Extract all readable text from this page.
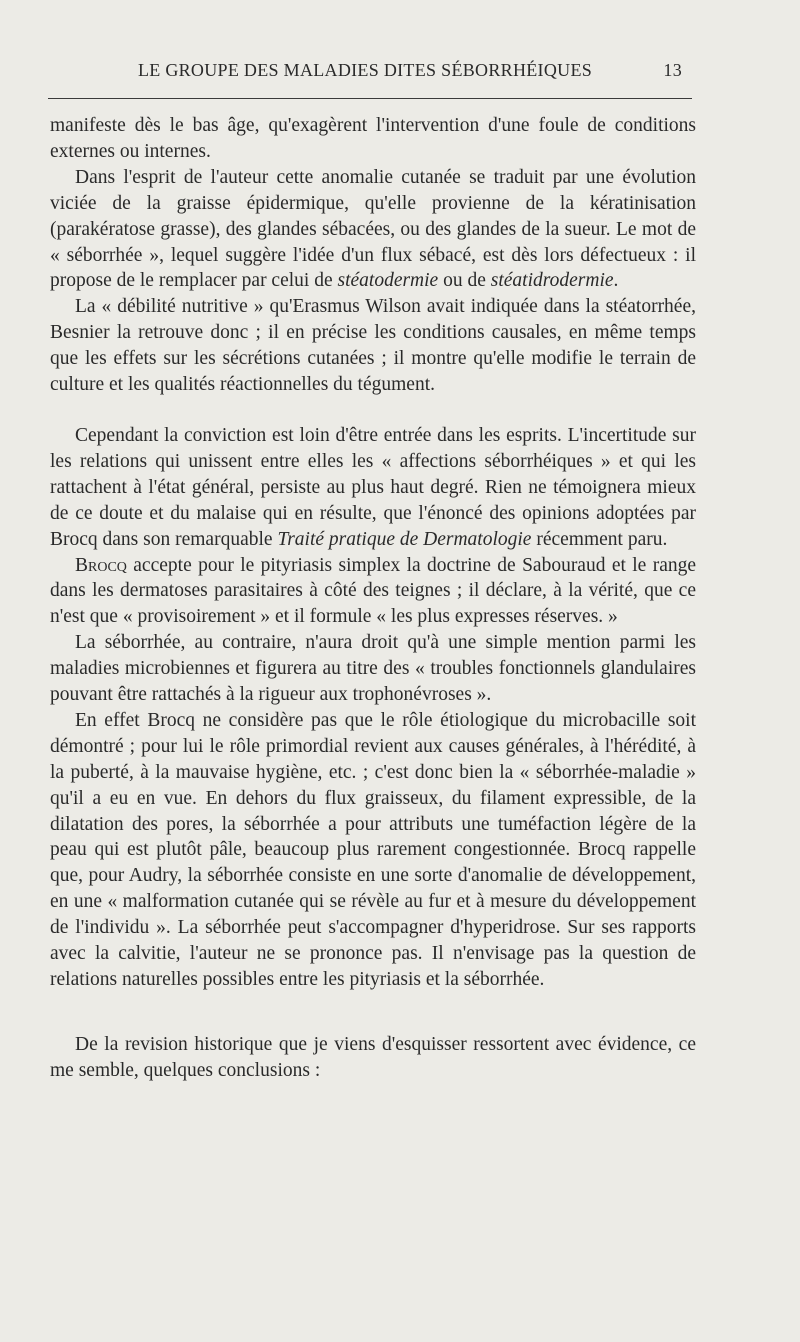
LE GROUPE DES MALADIES DITES SÉBORRHÉIQUES	13

manifeste dès le bas âge, qu'exagèrent l'intervention d'une foule de conditions externes ou internes.

Dans l'esprit de l'auteur cette anomalie cutanée se traduit par une évolution viciée de la graisse épidermique, qu'elle provienne de la kératinisation (parakératose grasse), des glandes sébacées, ou des glandes de la sueur. Le mot de « séborrhée », lequel suggère l'idée d'un flux sébacé, est dès lors défectueux : il propose de le remplacer par celui de stéatodermie ou de stéatidrodermie.

La « débilité nutritive » qu'Erasmus Wilson avait indiquée dans la stéatorrhée, Besnier la retrouve donc ; il en précise les conditions causales, en même temps que les effets sur les sécrétions cutanées ; il montre qu'elle modifie le terrain de culture et les qualités réactionnelles du tégument.

Cependant la conviction est loin d'être entrée dans les esprits. L'incertitude sur les relations qui unissent entre elles les « affections séborrhéiques » et qui les rattachent à l'état général, persiste au plus haut degré. Rien ne témoignera mieux de ce doute et du malaise qui en résulte, que l'énoncé des opinions adoptées par Brocq dans son remarquable Traité pratique de Dermatologie récemment paru.

Brocq accepte pour le pityriasis simplex la doctrine de Sabouraud et le range dans les dermatoses parasitaires à côté des teignes ; il déclare, à la vérité, que ce n'est que « provisoirement » et il formule « les plus expresses réserves. »

La séborrhée, au contraire, n'aura droit qu'à une simple mention parmi les maladies microbiennes et figurera au titre des « troubles fonctionnels glandulaires pouvant être rattachés à la rigueur aux trophonévroses ».

En effet Brocq ne considère pas que le rôle étiologique du microbacille soit démontré ; pour lui le rôle primordial revient aux causes générales, à l'hérédité, à la puberté, à la mauvaise hygiène, etc. ; c'est donc bien la « séborrhée-maladie » qu'il a eu en vue. En dehors du flux graisseux, du filament expressible, de la dilatation des pores, la séborrhée a pour attributs une tuméfaction légère de la peau qui est plutôt pâle, beaucoup plus rarement congestionnée. Brocq rappelle que, pour Audry, la séborrhée consiste en une sorte d'anomalie de développement, en une « malformation cutanée qui se révèle au fur et à mesure du développement de l'individu ». La séborrhée peut s'accompagner d'hyperidrose. Sur ses rapports avec la calvitie, l'auteur ne se prononce pas. Il n'envisage pas la question de relations naturelles possibles entre les pityriasis et la séborrhée.

De la revision historique que je viens d'esquisser ressortent avec évidence, ce me semble, quelques conclusions :
